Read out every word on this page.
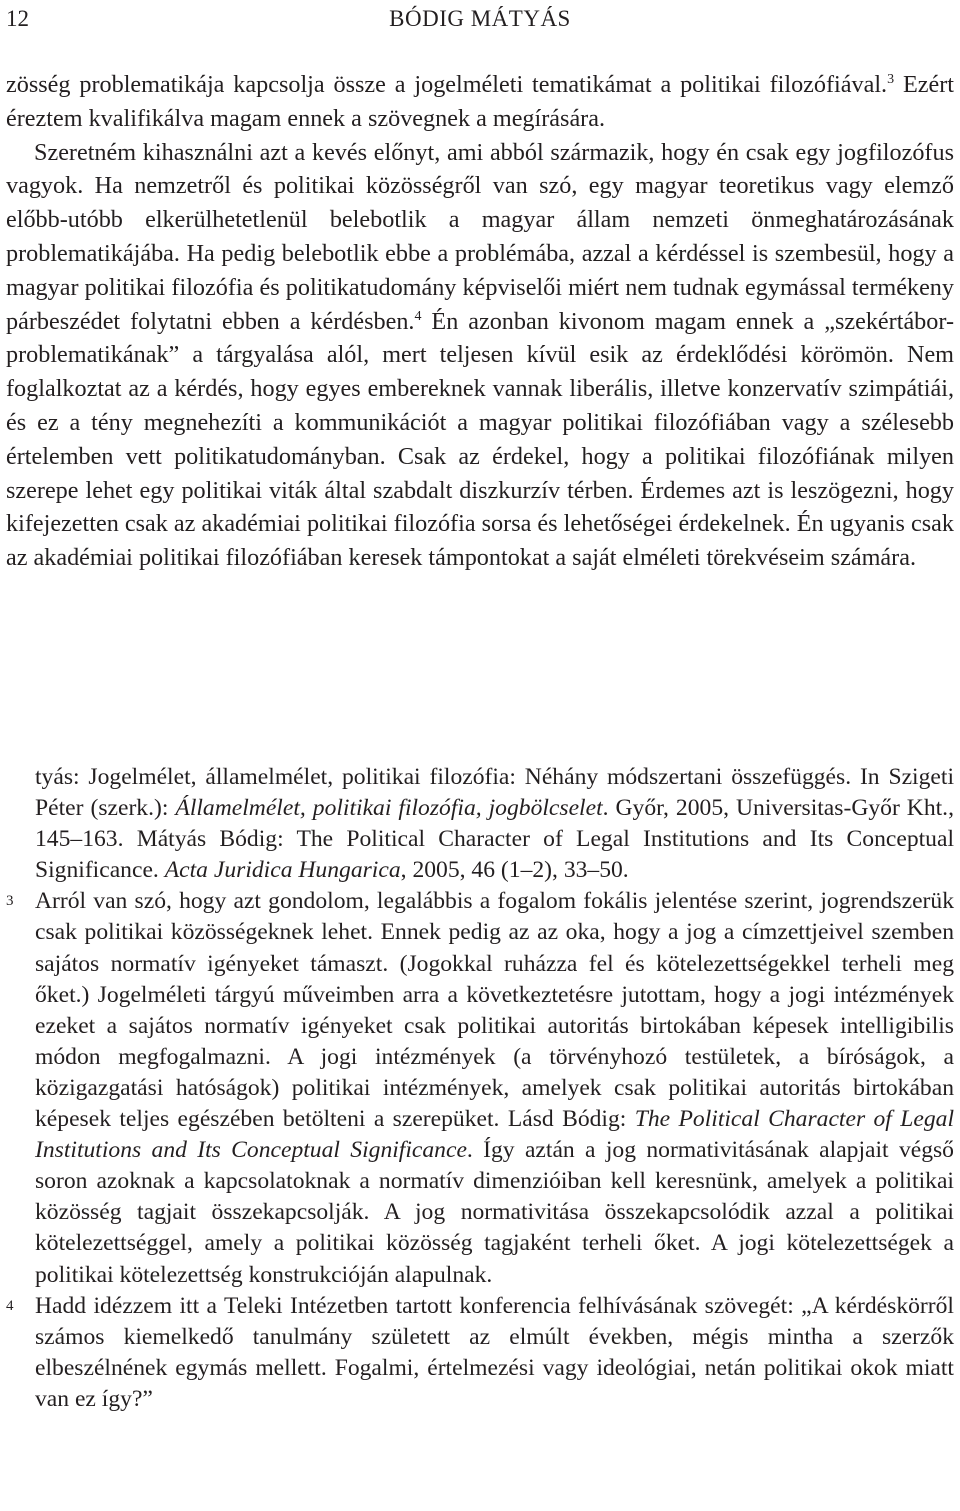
12	BÓDIG MÁTYÁS

zösség problematikája kapcsolja össze a jogelméleti tematikámat a politikai filozófiával.$^3$ Ezért éreztem kvalifikálva magam ennek a szövegnek a megírására.

Szeretném kihasználni azt a kevés előnyt, ami abból származik, hogy én csak egy jogfilozófus vagyok. Ha nemzetről és politikai közösségről van szó, egy magyar teoretikus vagy elemző előbb-utóbb elkerülhetetlenül belebotlik a magyar állam nemzeti önmeghatározásának problematikájába. Ha pedig belebotlik ebbe a problémába, azzal a kérdéssel is szembesül, hogy a magyar politikai filozófia és politikatudomány képviselői miért nem tudnak egymással termékeny párbeszédet folytatni ebben a kérdésben.$^4$ Én azonban kivonom magam ennek a „szekértábor-problematikának” a tárgyalása alól, mert teljesen kívül esik az érdeklődési körömön. Nem foglalkoztat az a kérdés, hogy egyes embereknek vannak liberális, illetve konzervatív szimpátiái, és ez a tény megnehezíti a kommunikációt a magyar politikai filozófiában vagy a szélesebb értelemben vett politikatudományban. Csak az érdekel, hogy a politikai filozófiának milyen szerepe lehet egy politikai viták által szabdalt diszkurzív térben. Érdemes azt is leszögezni, hogy kifejezetten csak az akadémiai politikai filozófia sorsa és lehetőségei érdekelnek. Én ugyanis csak az akadémiai politikai filozófiában keresek támpontokat a saját elméleti törekvéseim számára.

tyás: Jogelmélet, államelmélet, politikai filozófia: Néhány módszertani összefüggés. In Szigeti Péter (szerk.): Államelmélet, politikai filozófia, jogbölcselet. Győr, 2005, Universitas-Győr Kht., 145–163. Mátyás Bódig: The Political Character of Legal Institutions and Its Conceptual Significance. Acta Juridica Hungarica, 2005, 46 (1–2), 33–50.

3 Arról van szó, hogy azt gondolom, legalábbis a fogalom fokális jelentése szerint, jogrendszerük csak politikai közösségeknek lehet. Ennek pedig az az oka, hogy a jog a címzettjeivel szemben sajátos normatív igényeket támaszt. (Jogokkal ruházza fel és kötelezettségekkel terheli meg őket.) Jogelméleti tárgyú műveimben arra a következtetésre jutottam, hogy a jogi intézmények ezeket a sajátos normatív igényeket csak politikai autoritás birtokában képesek intelligibilis módon megfogalmazni. A jogi intézmények (a törvényhozó testületek, a bíróságok, a közigazgatási hatóságok) politikai intézmények, amelyek csak politikai autoritás birtokában képesek teljes egészében betölteni a szerepüket. Lásd Bódig: The Political Character of Legal Institutions and Its Conceptual Significance. Így aztán a jog normativitásának alapjait végső soron azoknak a kapcsolatoknak a normatív dimenzióiban kell keresnünk, amelyek a politikai közösség tagjait összekapcsolják. A jog normativitása összekapcsolódik azzal a politikai kötelezettséggel, amely a politikai közösség tagjaként terheli őket. A jogi kötelezettségek a politikai kötelezettség konstrukcióján alapulnak.

4 Hadd idézzem itt a Teleki Intézetben tartott konferencia felhívásának szövegét: „A kérdéskörről számos kiemelkedő tanulmány született az elmúlt években, mégis mintha a szerzők elbeszélnének egymás mellett. Fogalmi, értelmezési vagy ideológiai, netán politikai okok miatt van ez így?”
